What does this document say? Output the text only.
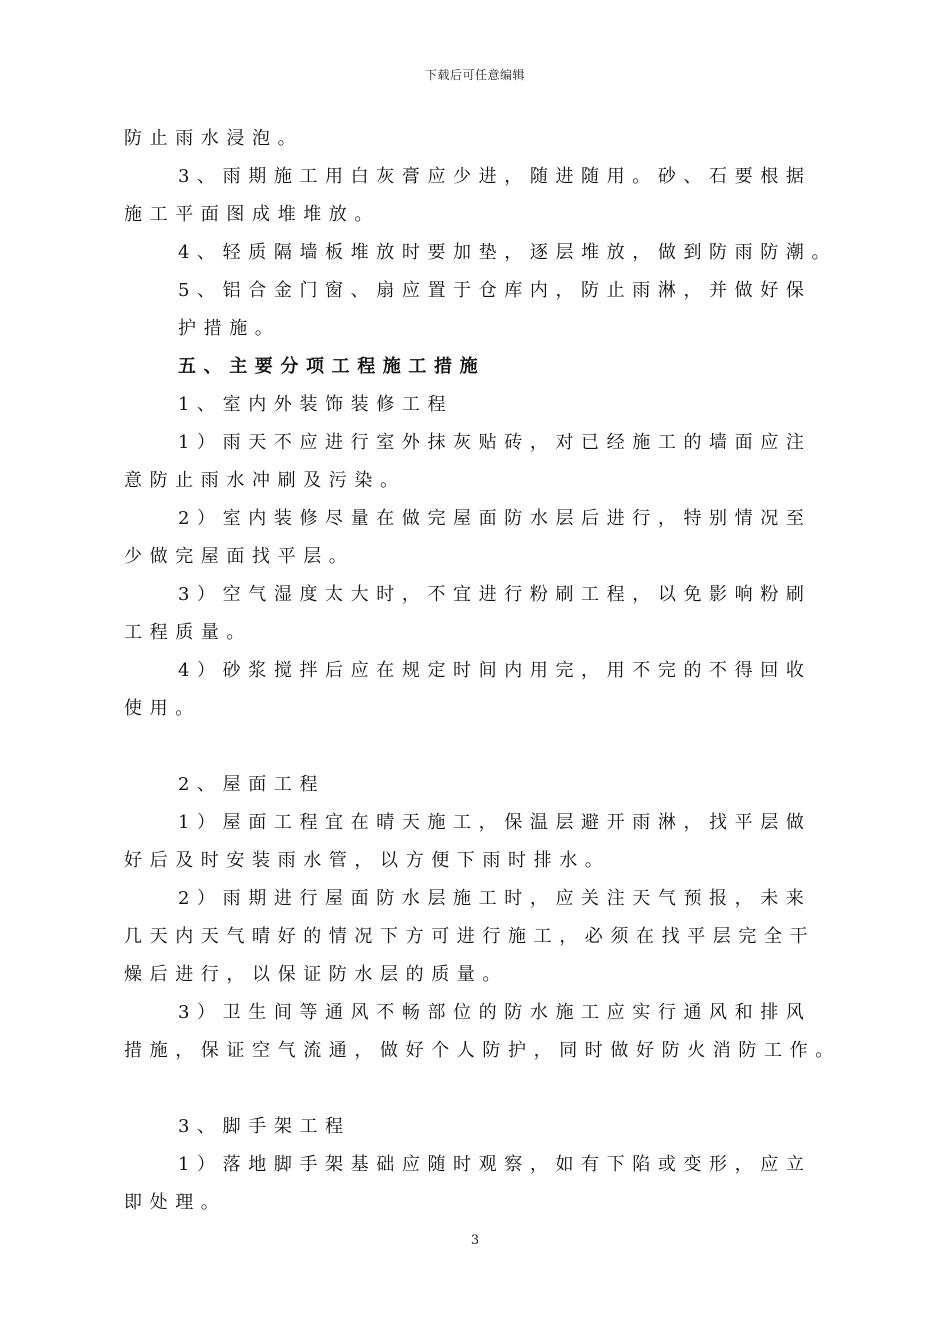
下载后可任意编辑
防止雨水浸泡。
3、雨期施工用白灰膏应少进，随进随用。砂、石要根据
施工平面图成堆堆放。
4、轻质隔墙板堆放时要加垫，逐层堆放，做到防雨防潮。
5、铝合金门窗、扇应置于仓库内，防止雨淋，并做好保
护措施。
五、主要分项工程施工措施
1、室内外装饰装修工程
1）雨天不应进行室外抹灰贴砖，对已经施工的墙面应注
意防止雨水冲刷及污染。
2）室内装修尽量在做完屋面防水层后进行，特别情况至
少做完屋面找平层。
3）空气湿度太大时，不宜进行粉刷工程，以免影响粉刷
工程质量。
4）砂浆搅拌后应在规定时间内用完，用不完的不得回收
使用。
2、屋面工程
1）屋面工程宜在晴天施工，保温层避开雨淋，找平层做
好后及时安装雨水管，以方便下雨时排水。
2）雨期进行屋面防水层施工时，应关注天气预报，未来
几天内天气晴好的情况下方可进行施工，必须在找平层完全干
燥后进行，以保证防水层的质量。
3）卫生间等通风不畅部位的防水施工应实行通风和排风
措施，保证空气流通，做好个人防护，同时做好防火消防工作。
3、脚手架工程
1）落地脚手架基础应随时观察，如有下陷或变形，应立
即处理。
3
